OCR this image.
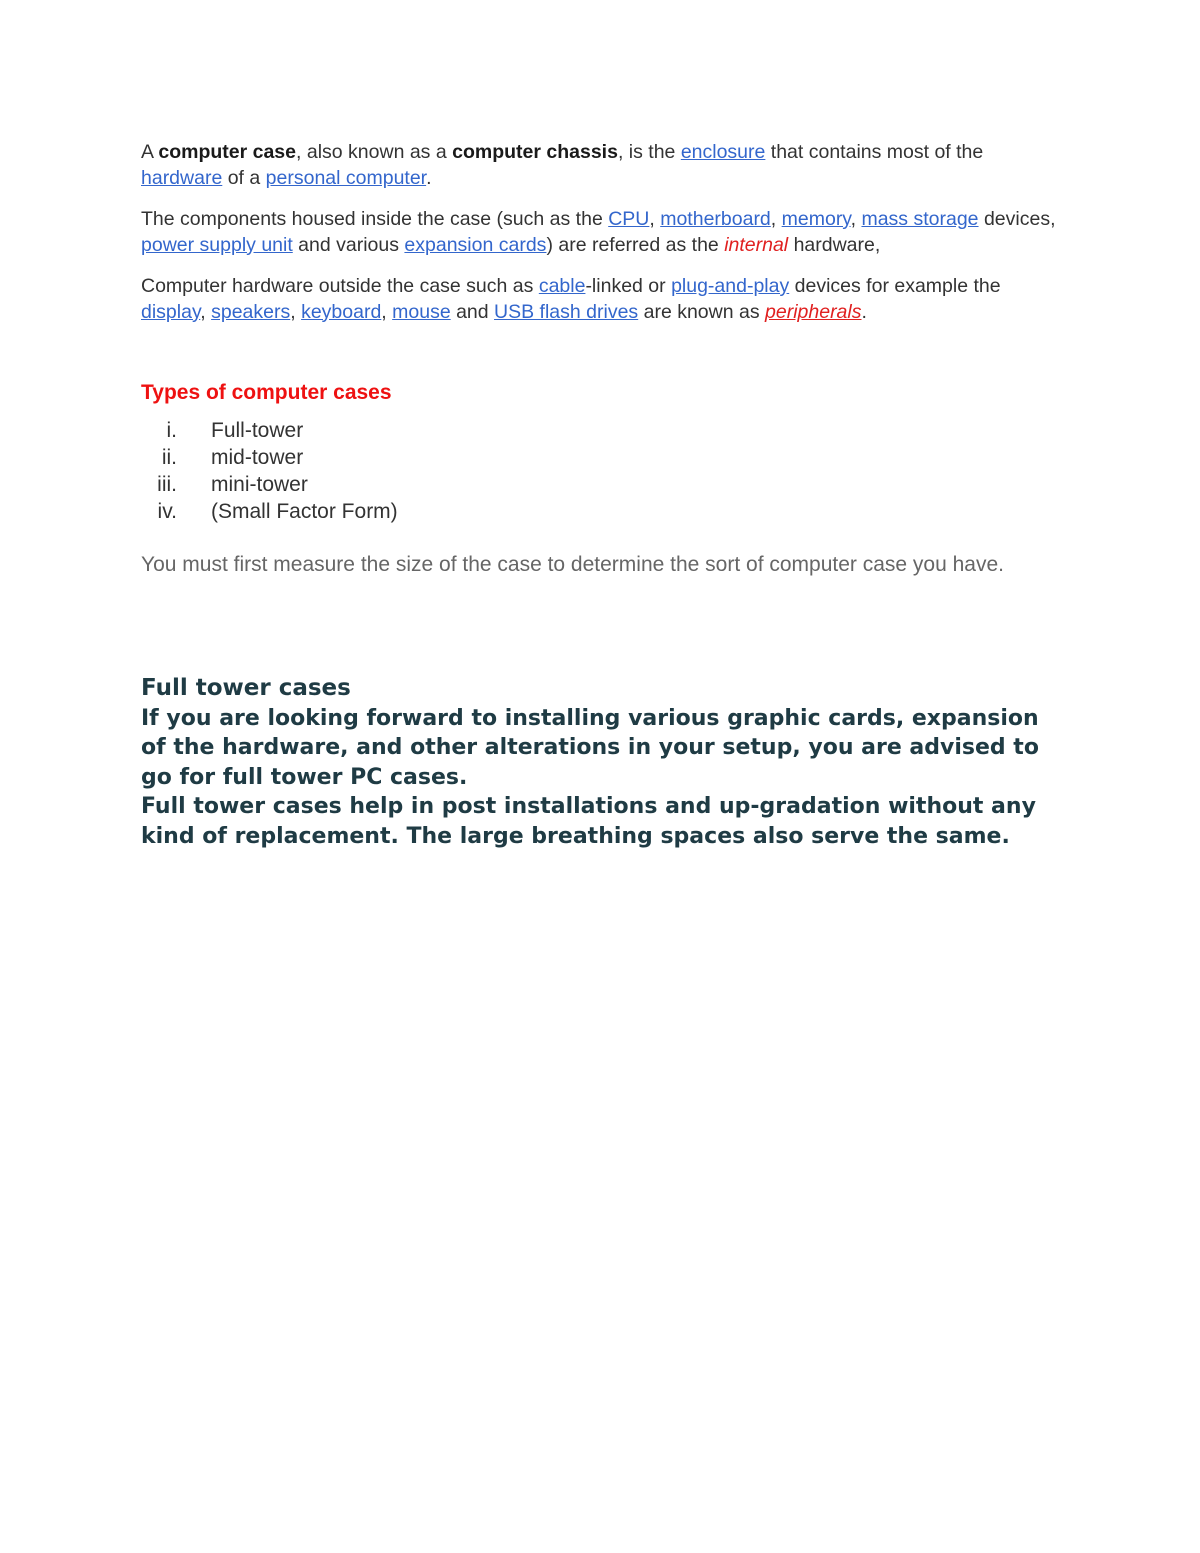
A computer case, also known as a computer chassis, is the enclosure that contains most of the hardware of a personal computer.

The components housed inside the case (such as the CPU, motherboard, memory, mass storage devices, power supply unit and various expansion cards) are referred as the internal hardware,

Computer hardware outside the case such as cable-linked or plug-and-play devices for example the display, speakers, keyboard, mouse and USB flash drives are known as peripherals.

Types of computer cases
i.	Full-tower
ii.	mid-tower
iii.	mini-tower
iv.	(Small Factor Form)

You must first measure the size of the case to determine the sort of computer case you have.

Full tower cases
If you are looking forward to installing various graphic cards, expansion of the hardware, and other alterations in your setup, you are advised to go for full tower PC cases.
Full tower cases help in post installations and up-gradation without any kind of replacement. The large breathing spaces also serve the same.
